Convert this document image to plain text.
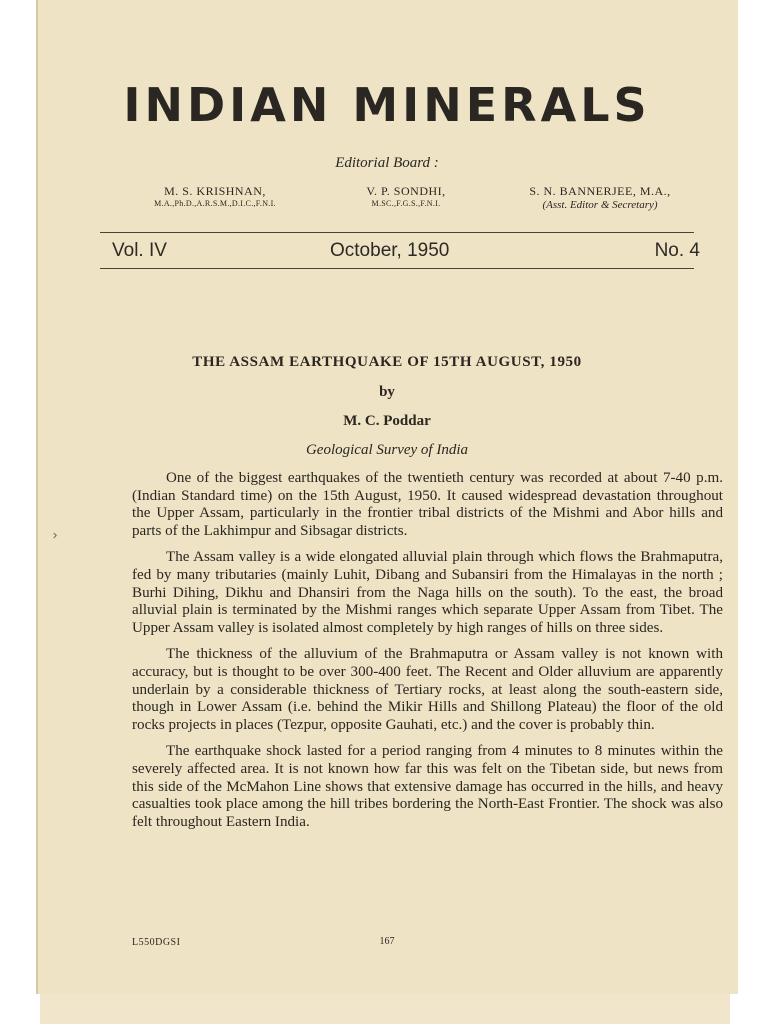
⌃
INDIAN MINERALS
Editorial Board :
M. S. KRISHNAN,
M.A.,Ph.D.,A.R.S.M.,D.I.C.,F.N.I.
V. P. SONDHI,
M.SC.,F.G.S.,F.N.I.
S. N. BANNERJEE, M.A.,
(Asst. Editor & Secretary)
Vol. IV	October, 1950	No. 4
THE ASSAM EARTHQUAKE OF 15TH AUGUST, 1950
by
M. C. Poddar
Geological Survey of India

One of the biggest earthquakes of the twentieth century was recorded at about 7-40 p.m. (Indian Standard time) on the 15th August, 1950. It caused widespread devastation throughout the Upper Assam, particularly in the frontier tribal districts of the Mishmi and Abor hills and parts of the Lakhimpur and Sibsagar districts.

The Assam valley is a wide elongated alluvial plain through which flows the Brahmaputra, fed by many tributaries (mainly Luhit, Dibang and Subansiri from the Himalayas in the north ; Burhi Dihing, Dikhu and Dhansiri from the Naga hills on the south). To the east, the broad alluvial plain is terminated by the Mishmi ranges which separate Upper Assam from Tibet. The Upper Assam valley is isolated almost completely by high ranges of hills on three sides.

The thickness of the alluvium of the Brahmaputra or Assam valley is not known with accuracy, but is thought to be over 300-400 feet. The Recent and Older alluvium are apparently underlain by a considerable thickness of Tertiary rocks, at least along the south-eastern side, though in Lower Assam (i.e. behind the Mikir Hills and Shillong Plateau) the floor of the old rocks projects in places (Tezpur, opposite Gauhati, etc.) and the cover is probably thin.

The earthquake shock lasted for a period ranging from 4 minutes to 8 minutes within the severely affected area. It is not known how far this was felt on the Tibetan side, but news from this side of the McMahon Line shows that extensive damage has occurred in the hills, and heavy casualties took place among the hill tribes bordering the North-East Frontier. The shock was also felt throughout Eastern India.

L550DGSI	167
